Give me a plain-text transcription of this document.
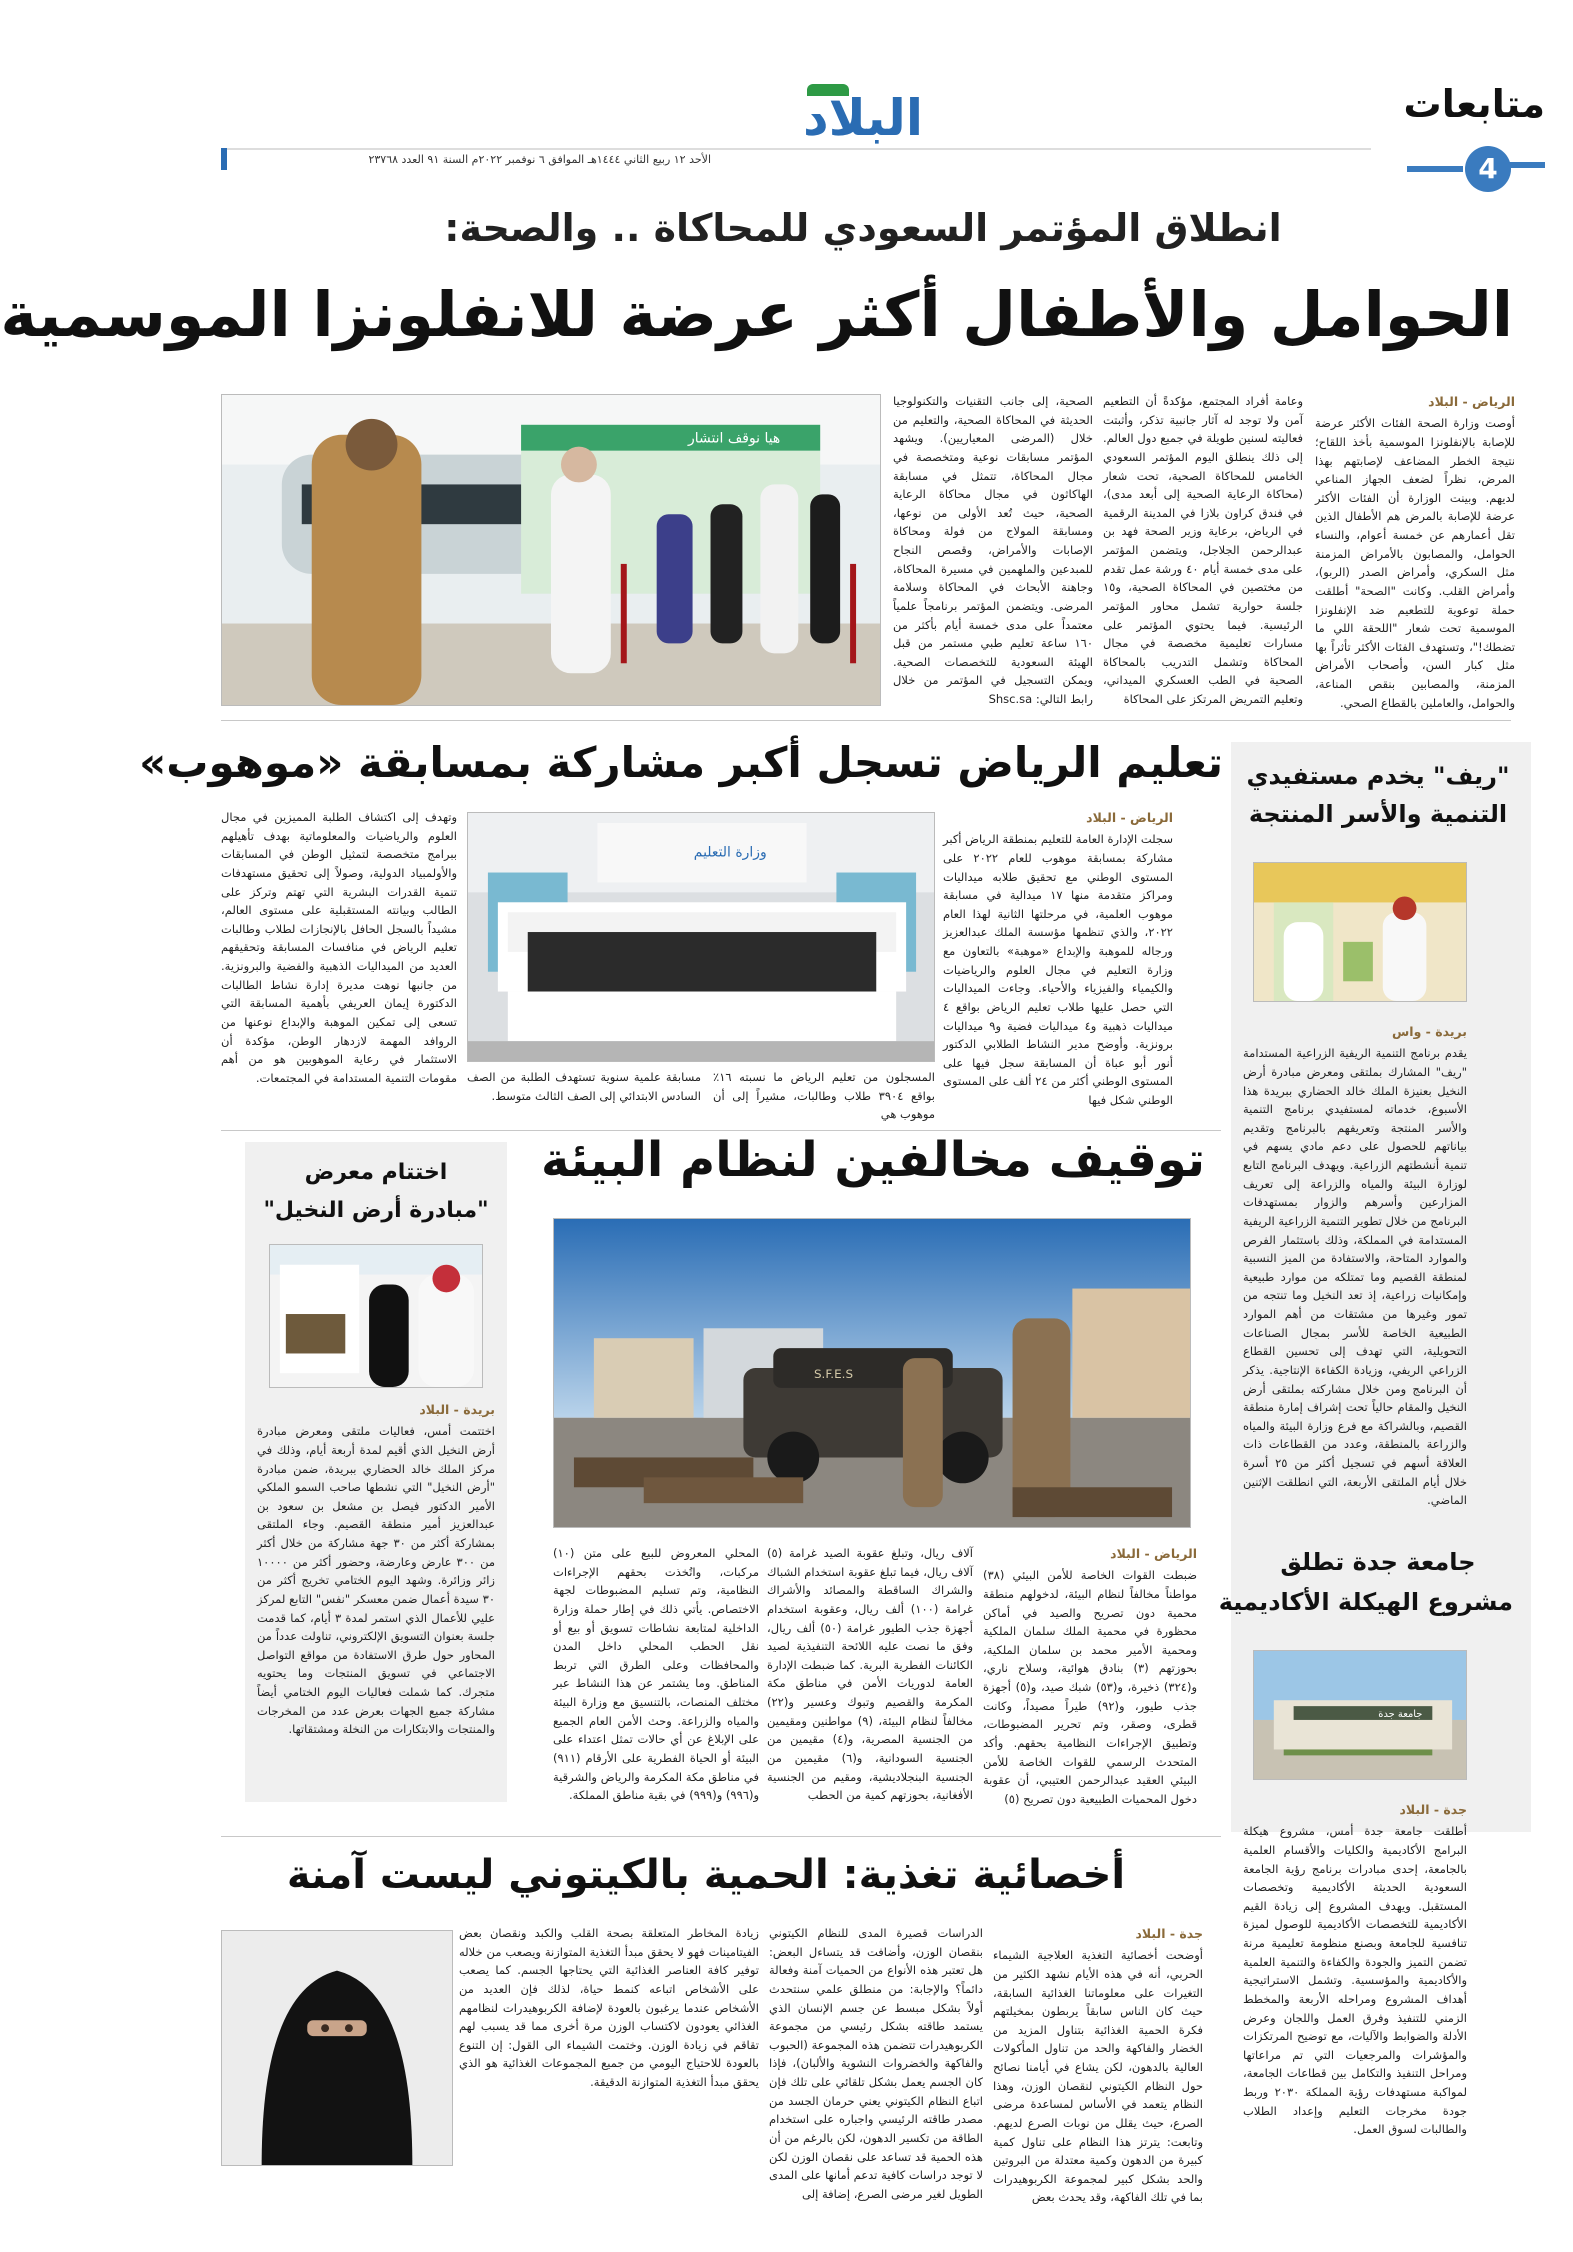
متابعات
4
البلاد
الأحد ١٢ ربيع الثاني ١٤٤٤هـ الموافق ٦ نوفمبر ٢٠٢٢م السنة ٩١ العدد ٢٣٧٦٨
انطلاق المؤتمر السعودي للمحاكاة .. والصحة:
الحوامل والأطفال أكثر عرضة للانفلونزا الموسمية
الرياض - البلاد

أوصت وزارة الصحة الفئات الأكثر عرضة للإصابة بالإنفلونزا الموسمية بأخذ اللقاح؛ نتيجة الخطر المضاعف لإصابتهم بهذا المرض، نظراً لضعف الجهاز المناعي لديهم. وبينت الوزارة أن الفئات الأكثر عرضة للإصابة بالمرض هم الأطفال الذين تقل أعمارهم عن خمسة أعوام، والنساء الحوامل، والمصابون بالأمراض المزمنة مثل السكري، وأمراض الصدر (الربو)، وأمراض القلب. وكانت "الصحة" أطلقت حملة توعوية للتطعيم ضد الإنفلونزا الموسمية تحت شعار "اللحقة اللي ما تضطك!"، وتستهدف الفئات الأكثر تأثراً بها مثل كبار السن، وأصحاب الأمراض المزمنة، والمصابين بنقص المناعة، والحوامل، والعاملين بالقطاع الصحي.

وعامة أفراد المجتمع، مؤكدةً أن التطعيم آمن ولا توجد له آثار جانبية تذكر، وأثبتت فعاليته لسنين طويلة في جميع دول العالم. إلى ذلك ينطلق اليوم المؤتمر السعودي الخامس للمحاكاة الصحية، تحت شعار (محاكاة الرعاية الصحية إلى أبعد مدى)، في فندق كراون بلازا في المدينة الرقمية في الرياض، برعاية وزير الصحة فهد بن عبدالرحمن الجلاجل، ويتضمن المؤتمر على مدى خمسة أيام ٤٠ ورشة عمل تقدم من مختصين في المحاكاة الصحية، و١٥ جلسة حوارية تشمل محاور المؤتمر الرئيسية. فيما يحتوي المؤتمر على مسارات تعليمية مخصصة في مجال المحاكاة وتشمل التدريب بالمحاكاة الصحية في الطب العسكري الميداني، وتعليم التمريض المرتكز على المحاكاة

الصحية، إلى جانب التقنيات والتكنولوجيا الحديثة في المحاكاة الصحية، والتعليم من خلال (المرضى المعياريين). ويشهد المؤتمر مسابقات نوعية ومتخصصة في مجال المحاكاة، تتمثل في مسابقة الهاكاثون في مجال محاكاة الرعاية الصحية، حيث تُعد الأولى من نوعها، ومسابقة المولاج من فولة ومحاكاة الإصابات والأمراض، وقصص النجاح للمبدعين والملهمين في مسيرة المحاكاة، وجاهنة الأبحاث في المحاكاة وسلامة المرضى. ويتضمن المؤتمر برنامجاً علمياً معتمداً على مدى خمسة أيام بأكثر من ١٦٠ ساعة تعليم طبي مستمر من قبل الهيئة السعودية للتخصصات الصحية. ويمكن التسجيل في المؤتمر من خلال رابط التالي: Shsc.sa

هيا نوقف انتشار
"ريف" يخدم مستفيدي
التنمية والأسر المنتجة
بريدة - واس

يقدم برنامج التنمية الريفية الزراعية المستدامة "ريف" المشارك بملتقى ومعرض مبادرة أرض النخيل بعنيزة الملك خالد الحضاري ببريدة هذا الأسبوع، خدماته لمستفيدي برنامج التنمية والأسر المنتجة وتعريفهم بالبرنامج وتقديم بياناتهم للحصول على دعم مادي يسهم في تنمية أنشطتهم الزراعية. ويهدف البرنامج التابع لوزارة البيئة والمياه والزراعة إلى تعريف المزارعين وأسرهم والزوار بمستهدفات البرنامج من خلال تطوير التنمية الزراعية الريفية المستدامة في المملكة، وذلك باستثمار الفرص والموارد المتاحة، والاستفادة من الميز النسبية لمنطقة القصيم وما تمتلكه من موارد طبيعية وإمكانيات زراعية، إذ تعد النخيل وما تنتجه من تمور وغيرها من مشتقات من أهم الموارد الطبيعية الخاصة للأسر بمجال الصناعات التحويلية، التي تهدف إلى تحسين القطاع الزراعي الريفي، وزيادة الكفاءة الإنتاجية. يذكر أن البرنامج ومن خلال مشاركته بملتقى أرض النخيل والمقام حالياً تحت إشراف إمارة منطقة القصيم، وبالشراكة مع فرع وزارة البيئة والمياه والزراعة بالمنطقة، وعدد من القطاعات ذات العلاقة أسهم في تسجيل أكثر من ٢٥ أسرة خلال أيام الملتقى الأربعة، التي انطلقت الإثنين الماضي.

جامعة جدة تطلق
مشروع الهيكلة الأكاديمية
جامعة جدة
جدة - البلاد

أطلقت جامعة جدة أمس، مشروع هيكلة البرامج الأكاديمية والكليات والأقسام العلمية بالجامعة، إحدى مبادرات برنامج رؤية الجامعة السعودية الحديثة الأكاديمية وتخصصات المستقبل. ويهدف المشروع إلى زيادة القيم الأكاديمية للتخصصات الأكاديمية للوصول لميزة تنافسية للجامعة وبصنع منظومة تعليمية مرنة تضمن التميز والجودة والكفاءة والتنمية العلمية والأكاديمية والمؤسسية. وتشمل الاستراتيجية أهداف المشروع ومراحله الأربعة والمخطط الزمني للتنفيذ وفرق العمل واللجان وعرض الأدلة والضوابط والآليات، مع توضيح المرتكزات والمؤشرات والمرجعيات التي تم مراعاتها ومراحل التنفيذ والتكامل بين قطاعات الجامعة، لمواكبة مستهدفات رؤية المملكة ٢٠٣٠ وربط جودة مخرجات التعليم وإعداد الطلاب والطالبات لسوق العمل.

تعليم الرياض تسجل أكبر مشاركة بمسابقة «موهوب»
الرياض - البلاد

سجلت الإدارة العامة للتعليم بمنطقة الرياض أكبر مشاركة بمسابقة موهوب للعام ٢٠٢٢ على المستوى الوطني مع تحقيق طلابه ميداليات ومراكز متقدمة منها ١٧ ميدالية في مسابقة موهوب العلمية، في مرحلتها الثانية لهذا العام ٢٠٢٢، والذي تنظمها مؤسسة الملك عبدالعزيز ورجاله للموهبة والإبداع «موهبة» بالتعاون مع وزارة التعليم في مجال العلوم والرياضيات والكيمياء والفيزياء والأحياء. وجاءت الميداليات التي حصل عليها طلاب تعليم الرياض بواقع ٤ ميداليات ذهبية و٤ ميداليات فضية و٩ ميداليات برونزية. وأوضح مدير النشاط الطلابي الدكتور أنور أبو عباة أن المسابقة سجل فيها على المستوى الوطني أكثر من ٢٤ ألف على المستوى الوطني شكل فيها

وزارة التعليم

وتهدف إلى اكتشاف الطلبة المميزين في مجال العلوم والرياضيات والمعلوماتية بهدف تأهيلهم ببرامج متخصصة لتمثيل الوطن في المسابقات والأولمبياد الدولية، وصولاً إلى تحقيق مستهدفات تنمية القدرات البشرية التي تهتم وتركز على الطالب وبيانته المستقبلية على مستوى العالم، مشيداً بالسجل الحافل بالإنجازات لطلاب وطالبات تعليم الرياض في منافسات المسابقة وتحقيقهم العديد من الميداليات الذهبية والفضية والبرونزية. من جانبها نوهت مديرة إدارة نشاط الطالبات الدكتورة إيمان العريفي بأهمية المسابقة التي تسعى إلى تمكين الموهبة والإبداع نوعنها من الروافد المهمة لازدهار الوطن، مؤكدة أن الاستثمار في رعاية الموهوبين هو من أهم مقومات التنمية المستدامة في المجتمعات.	المسجلون من تعليم الرياض ما نسبته ١٦٪ بواقع ٣٩٠٤ طلاب وطالبات، مشيراً إلى أن موهوب هي

مسابقة علمية سنوية تستهدف الطلبة من الصف السادس الابتدائي إلى الصف الثالث متوسط.

اختتام معرض
"مبادرة أرض النخيل"
بريدة - البلاد

اختتمت أمس، فعاليات ملتقى ومعرض مبادرة أرض النخيل الذي أقيم لمدة أربعة أيام، وذلك في مركز الملك خالد الحضاري ببريدة، ضمن مبادرة "أرض النخيل" التي نشطها صاحب السمو الملكي الأمير الدكتور فيصل بن مشعل بن سعود بن عبدالعزيز أمير منطقة القصيم. وجاء الملتقى بمشاركة أكثر من ٣٠ جهة مشاركة من خلال أكثر من ٣٠٠ عارض وعارضة، وحضور أكثر من ١٠٠٠٠ زائر وزائرة. وشهد اليوم الختامي تخريج أكثر من ٣٠ سيدة أعمال ضمن معسكر "نفس" التابع لمركز عليي للأعمال الذي استمر لمدة ٣ أيام، كما قدمت جلسة بعنوان التسويق الإلكتروني، تناولت عدداً من المحاور حول طرق الاستفادة من مواقع التواصل الاجتماعي في تسويق المنتجات وما يحتويه متجرك. كما شملت فعاليات اليوم الختامي أيضاً مشاركة جميع الجهات بعرض عدد من المخرجات والمنتجات والابتكارات من النخلة ومشتقاتها.

توقيف مخالفين لنظام البيئة
S.F.E.S
الرياض - البلاد

ضبطت القوات الخاصة للأمن البيئي (٣٨) مواطناً مخالفاً لنظام البيئة، لدخولهم منطقة محمية دون تصريح والصيد في أماكن محظورة في محمية الملك سلمان الملكية ومحمية الأمير محمد بن سلمان الملكية، بحوزتهم (٣) بنادق هوائية، وسلاح ناري، و(٣٢٤) ذخيرة، و(٥٣) شبك صيد، و(٥) أجهزة جذب طيور، و(٩٢) طيراً مصيداً، وكانت قطرى، وصقر، وتم تحرير المضبوطات، وتطبيق الإجراءات النظامية بحقهم. وأكد المتحدث الرسمي للقوات الخاصة للأمن البيئي العقيد عبدالرحمن العتيبي، أن عقوبة دخول المحميات الطبيعية دون تصريح (٥)

آلاف ريال، وتبلغ عقوبة الصيد غرامة (٥) آلاف ريال، فيما تبلغ عقوبة استخدام الشباك والشراك الساقطة والمصائد والأشراك غرامة (١٠٠) ألف ريال، وعقوبة استخدام أجهزة جذب الطيور غرامة (٥٠) ألف ريال، وفق ما نصت عليه اللائحة التنفيذية لصيد الكائنات الفطرية البرية. كما ضبطت الإدارة العامة لدوريات الأمن في مناطق مكة المكرمة والقصيم وتبوك وعسير و(٢٢) مخالفاً لنظام البيئة، (٩) مواطنين ومقيمين من الجنسية المصرية، و(٤) مقيمين من الجنسية السودانية، و(٦) مقيمين من الجنسية البنجلاديشية، ومقيم من الجنسية الأفغانية، بحوزتهم كمية من الحطب

المحلي المعروض للبيع على متن (١٠) مركبات، واتُخذت بحقهم الإجراءات النظامية، وتم تسليم المضبوطات لجهة الاختصاص. يأتي ذلك في إطار حملة وزارة الداخلية لمتابعة نشاطات تسويق أو بيع أو نقل الحطب المحلي داخل المدن والمحافظات وعلى الطرق التي تربط المناطق. وما يشتمر عن هذا النشاط عبر مختلف المنصات، بالتنسيق مع وزارة البيئة والمياه والزراعة. وحث الأمن العام الجميع على الإبلاغ عن أي حالات تمثل اعتداء على البيئة أو الحياة الفطرية على الأرقام (٩١١) في مناطق مكة المكرمة والرياض والشرقية و(٩٩٦) و(٩٩٩) في بقية مناطق المملكة.

أخصائية تغذية: الحمية بالكيتوني ليست آمنة
جدة - البلاد

أوضحت أخصائية التغذية العلاجية الشيماء الحربي، أنه في هذه الأيام نشهد الكثير من التغيرات على معلوماتنا الغذائية السابقة، حيث كان الناس سابقاً يربطون بمخيلتهم فكرة الحمية الغذائية بتناول المزيد من الخضار والفاكهة والحد من تناول المأكولات العالية بالدهون، لكن يشاع في أيامنا نصائح حول النظام الكيتوني لنقصان الوزن، وهذا النظام يتعمد في الأساس لمساعدة مرضى الصرع، حيث يقلل من نوبات الصرع لديهم. وتابعت: يترتز هذا النظام على تناول كمية كبيرة من الدهون وكمية معتدلة من البروتين والحد بشكل كبير لمجموعة الكربوهيدرات بما في تلك الفاكهة، وقد يحدث بعض

الدراسات قصيرة المدى للنظام الكيتوني بنقصان الوزن، وأضافت قد يتساءل البعض: هل تعتبر هذه الأنواع من الحميات آمنة وفعالة دائماً؟ والإجابة: من منطلق علمي سنتحدث أولاً بشكل مبسط عن جسم الإنسان الذي يستمد طاقته بشكل رئيسي من مجموعة الكربوهيدرات تتضمن هذه المجموعة (الحبوب والفاكهة والخضروات النشوية والألبان)، فإذا كان الجسم يعمل بشكل تلقائي على تلك فإن اتباع النظام الكيتوني يعني حرمان الجسد من مصدر طاقته الرئيسي واجباره على استخدام الطاقة من تكسير الدهون، لكن بالرغم من أن هذه الحمية قد تساعد على نقصان الوزن لكن لا توجد دراسات كافية تدعم أمانها على المدى الطويل لغير مرضى الصرع، إضافة إلى

زيادة المخاطر المتعلقة بصحة القلب والكبد ونقصان بعض الفيتامينات فهو لا يحقق مبدأ التغذية المتوازنة ويصعب من خلاله توفير كافة العناصر الغذائية التي يحتاجها الجسم. كما يصعب على الأشخاص اتباعه كنمط حياة، لذلك فإن العديد من الأشخاص عندما يرغبون بالعودة لإضافة الكربوهيدرات لنظامهم الغذائي يعودون لاكتساب الوزن مرة أخرى مما قد يسبب لهم تقاقم في زيادة الوزن. وختمت الشيماء الى القول: إن التنوع بالعودة للاحتياج اليومي من جميع المجموعات الغذائية هو الذي يحقق مبدأ التغذية المتوازنة الدقيقة.
